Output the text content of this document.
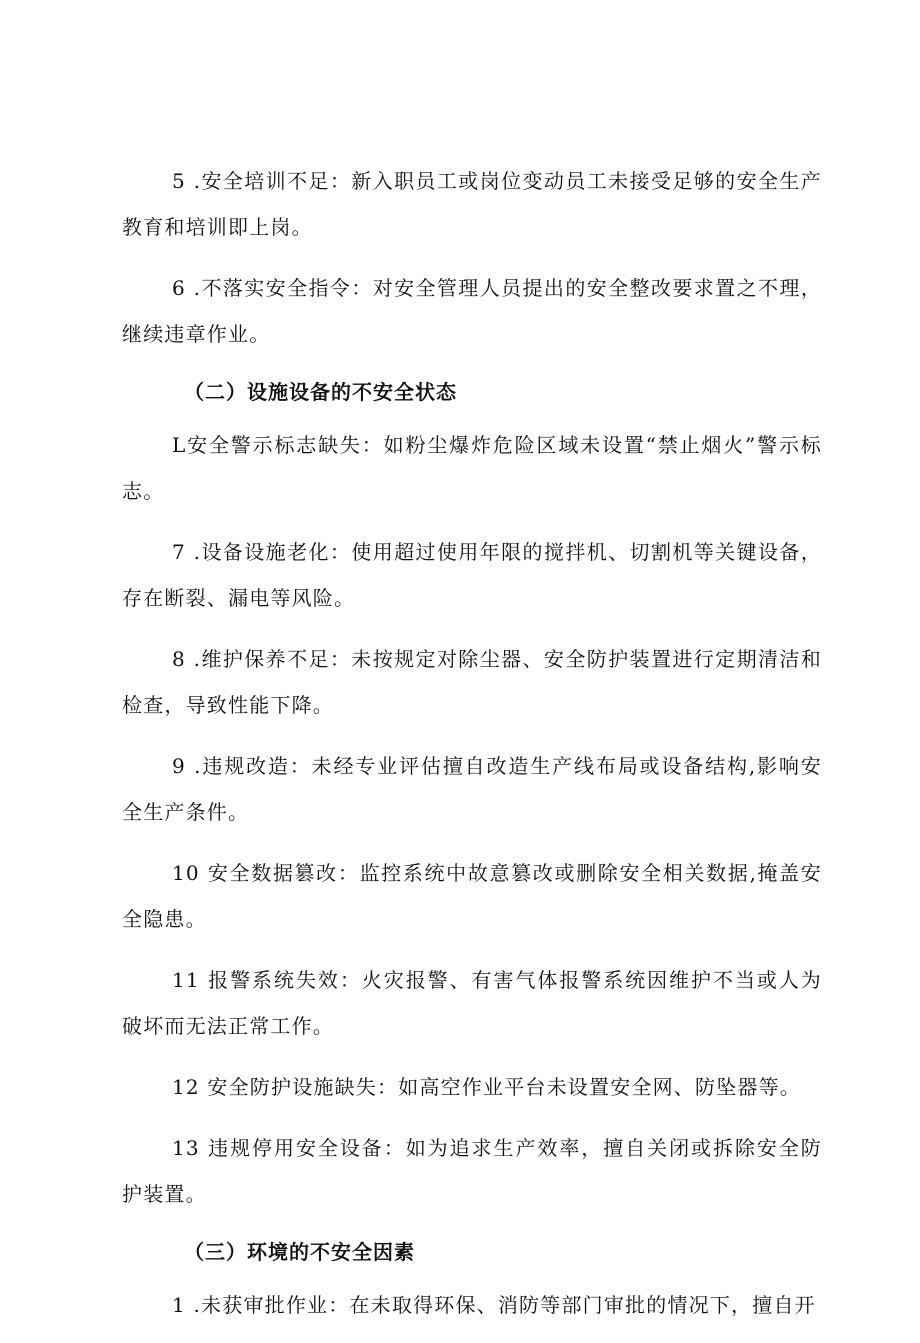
5 .安全培训不足：新入职员工或岗位变动员工未接受足够的安全生产教育和培训即上岗。

6 .不落实安全指令：对安全管理人员提出的安全整改要求置之不理，继续违章作业。

（二）设施设备的不安全状态

L安全警示标志缺失：如粉尘爆炸危险区域未设置“禁止烟火”警示标志。

7 .设备设施老化：使用超过使用年限的搅拌机、切割机等关键设备，存在断裂、漏电等风险。

8 .维护保养不足：未按规定对除尘器、安全防护装置进行定期清洁和检查，导致性能下降。

9 .违规改造：未经专业评估擅自改造生产线布局或设备结构,影响安全生产条件。

10 安全数据篡改：监控系统中故意篡改或删除安全相关数据,掩盖安全隐患。

11 报警系统失效：火灾报警、有害气体报警系统因维护不当或人为破坏而无法正常工作。

12 安全防护设施缺失：如高空作业平台未设置安全网、防坠器等。

13 违规停用安全设备：如为追求生产效率，擅自关闭或拆除安全防护装置。

（三）环境的不安全因素

1 .未获审批作业：在未取得环保、消防等部门审批的情况下，擅自开
